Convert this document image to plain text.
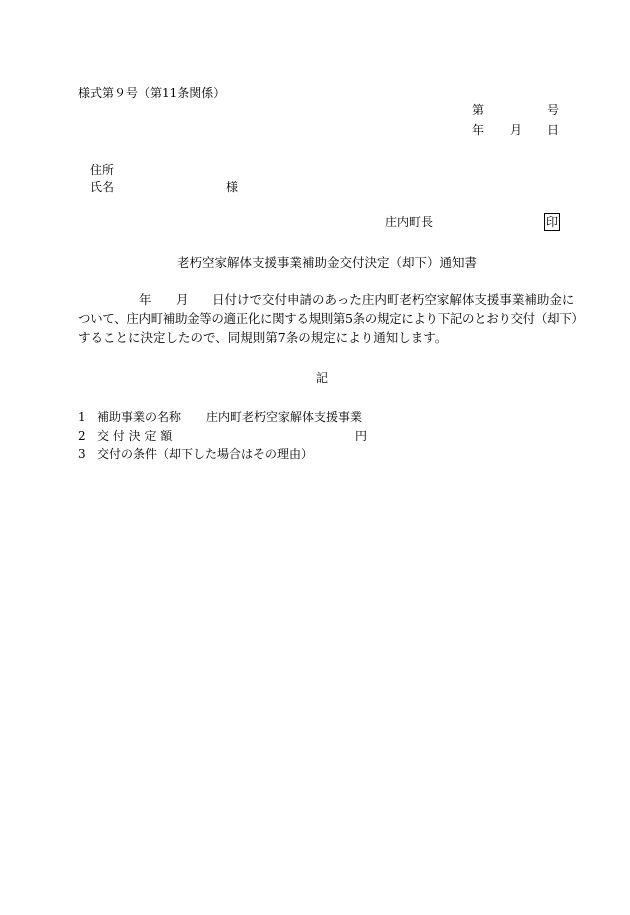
様式第９号（第11条関係）
第	号
年 月 日
住所
氏名	様
庄内町長	印
老朽空家解体支援事業補助金交付決定（却下）通知書
年 月 日付けで交付申請のあった庄内町老朽空家解体支援事業補助金に
ついて、庄内町補助金等の適正化に関する規則第5条の規定により下記のとおり交付（却下）
することに決定したので、同規則第7条の規定により通知します。
記
1 補助事業の名称 庄内町老朽空家解体支援事業
2 交 付 決 定 額	円
3 交付の条件（却下した場合はその理由）
